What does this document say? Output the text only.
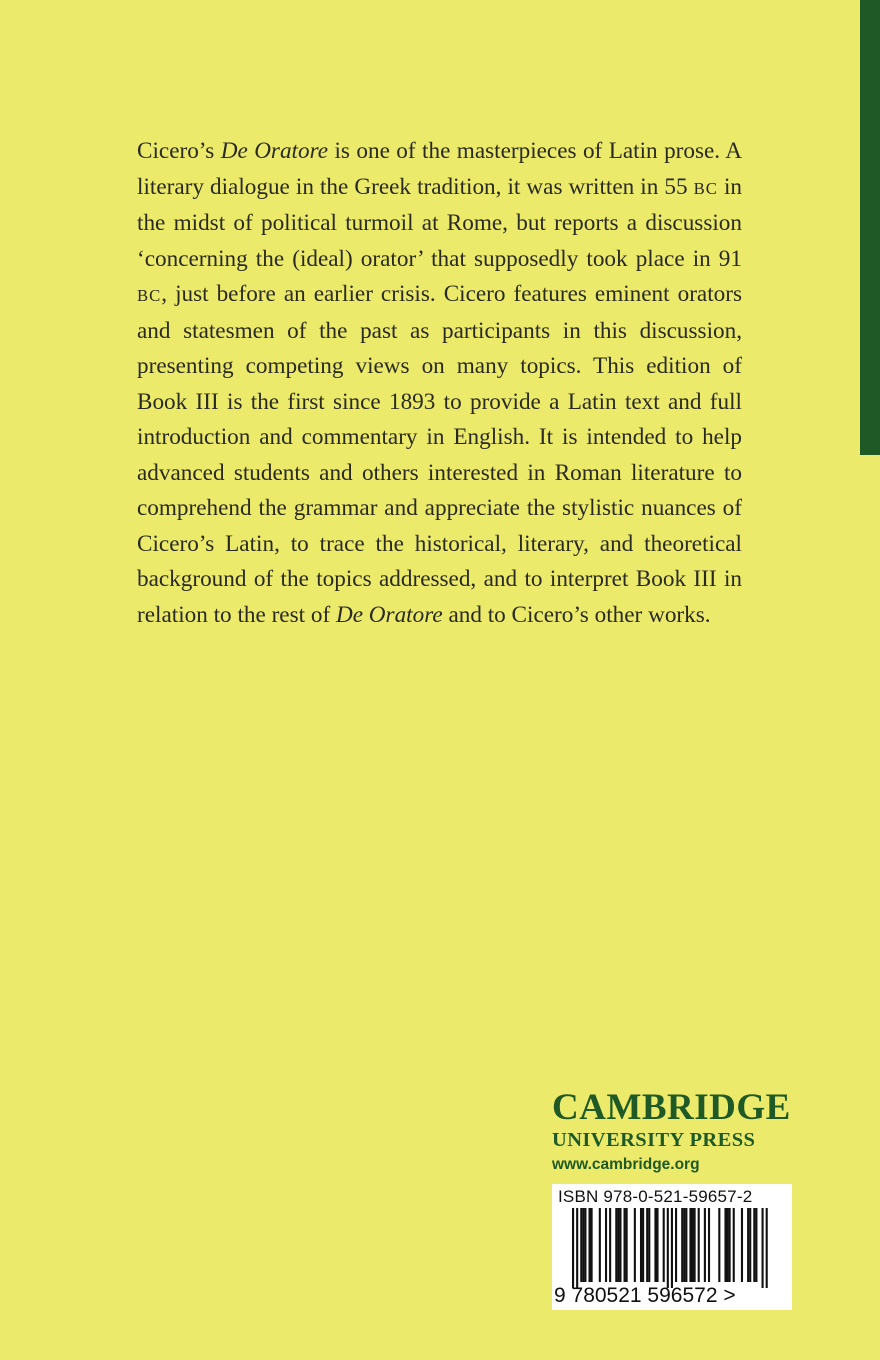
Cicero’s De Oratore is one of the masterpieces of Latin prose. A literary dialogue in the Greek tradition, it was written in 55 BC in the midst of political turmoil at Rome, but reports a discussion ‘concerning the (ideal) orator’ that supposedly took place in 91 BC, just before an earlier crisis. Cicero features eminent orators and statesmen of the past as participants in this discussion, presenting competing views on many topics. This edition of Book III is the first since 1893 to provide a Latin text and full introduction and commentary in English. It is intended to help advanced students and others interested in Roman literature to comprehend the grammar and appreciate the stylistic nuances of Cicero’s Latin, to trace the historical, literary, and theoretical background of the topics addressed, and to interpret Book III in relation to the rest of De Oratore and to Cicero’s other works.

CAMBRIDGE
UNIVERSITY PRESS
www.cambridge.org
ISBN 978-0-521-59657-2
9 780521 596572 >
